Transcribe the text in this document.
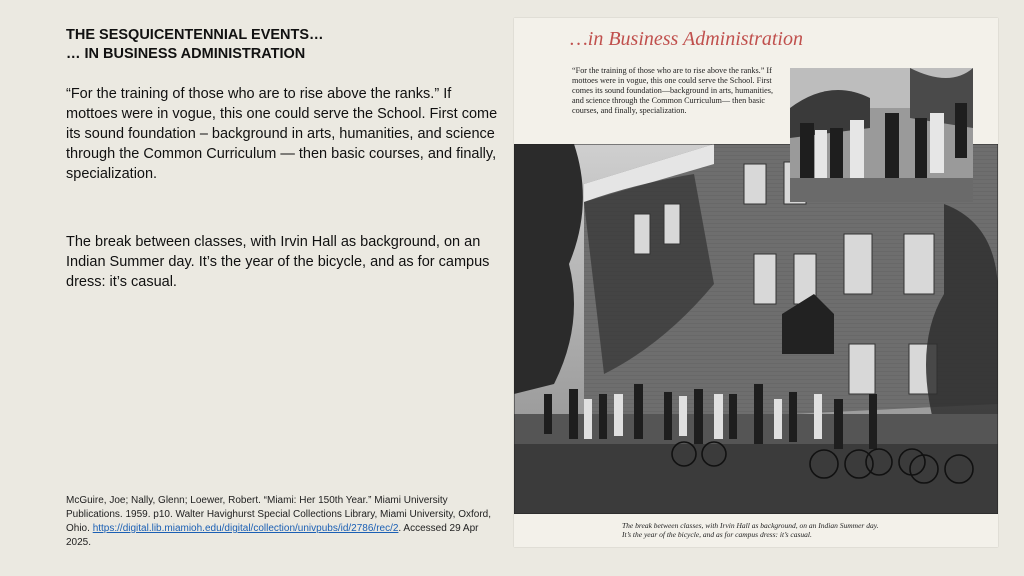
THE SESQUICENTENNIAL EVENTS…
… IN BUSINESS ADMINISTRATION

“For the training of those who are to rise above the ranks.” If mottoes were in vogue, this one could serve the School. First come its sound foundation – background in arts, humanities, and science through the Common Curriculum — then basic courses, and finally, specialization.

The break between classes, with Irvin Hall as background, on an Indian Summer day. It’s the year of the bicycle, and as for campus dress: it’s casual.

McGuire, Joe; Nally, Glenn; Loewer, Robert. “Miami: Her 150th Year.” Miami University Publications. 1959. p10. Walter Havighurst Special Collections Library, Miami University, Oxford, Ohio. https://digital.lib.miamioh.edu/digital/collection/univpubs/id/2786/rec/2. Accessed 29 Apr 2025.
…in Business Administration
“For the training of those who are to rise above the ranks.” If mottoes were in vogue, this one could serve the School. First comes its sound foundation—background in arts, humanities, and science through the Common Curriculum— then basic courses, and finally, specialization.
The break between classes, with Irvin Hall as background, on an Indian Summer day.
It’s the year of the bicycle, and as for campus dress: it’s casual.
